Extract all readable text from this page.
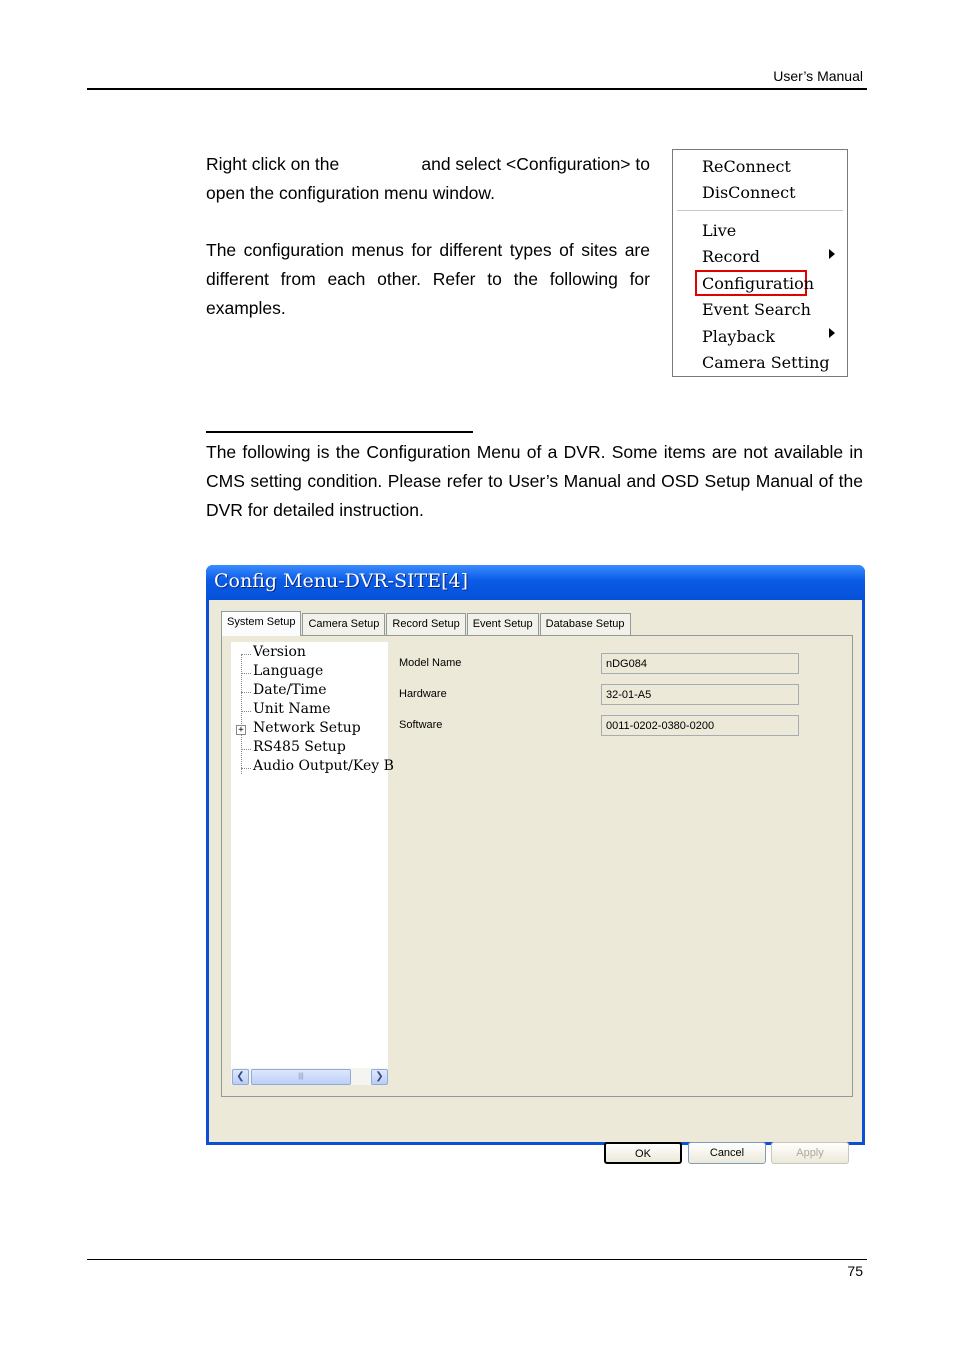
User’s Manual
Right click on the	and select <Configuration> to
open the configuration menu window.
The configuration menus for different types of sites are different from each other. Refer to the following for examples.
ReConnect
DisConnect
Live
Record
Configuration
Event Search
Playback
Camera Setting
The following is the Configuration Menu of a DVR. Some items are not available in CMS setting condition. Please refer to User’s Manual and OSD Setup Manual of the DVR for detailed instruction.
Config Menu-DVR-SITE[4]
System Setup	Camera Setup	Record Setup	Event Setup	Database Setup
Version
Language
Date/Time
Unit Name
+ Network Setup
RS485 Setup
Audio Output/Key B
❮	|||	❯
Model Name	nDG084
Hardware	32-01-A5
Software	0011-0202-0380-0200
OK	Cancel	Apply
75
